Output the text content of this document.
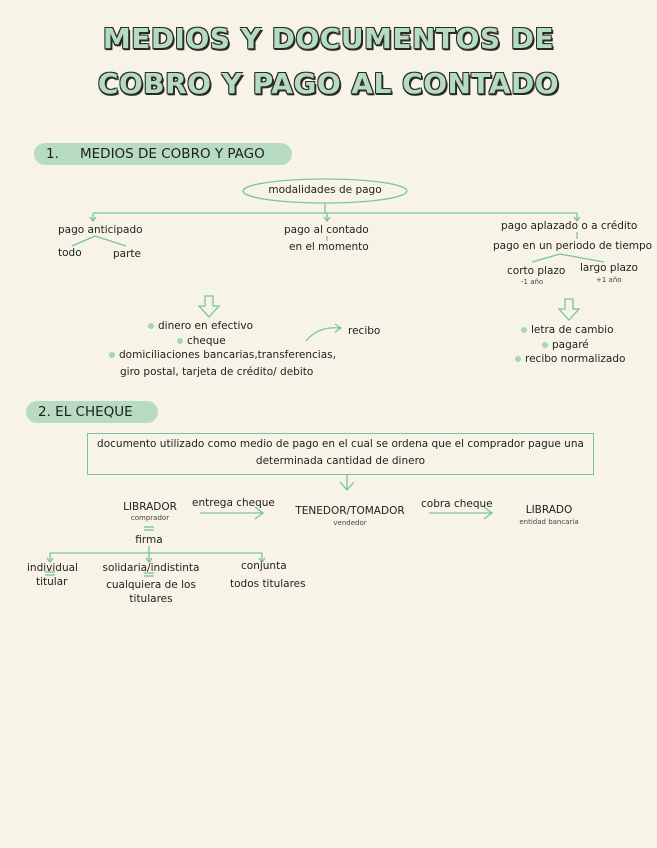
MEDIOS Y DOCUMENTOS DE
COBRO Y PAGO AL CONTADO
1. MEDIOS DE COBRO Y PAGO
modalidades de pago
pago anticipado
todo	parte
pago al contado
en el momento
pago aplazado o a crédito
pago en un periodo de tiempo
corto plazo
-1 año
largo plazo
+1 año
dinero en efectivo
cheque
domiciliaciones bancarias,transferencias,
giro postal, tarjeta de crédito/ debito
recibo	letra de cambio
pagaré
recibo normalizado
2. EL CHEQUE
documento utilizado como medio de pago en el cual se ordena que el comprador pague una
determinada cantidad de dinero
LIBRADOR
comprador
entrega cheque
TENEDOR/TOMADOR
vendedor
cobra cheque	LIBRADO
entidad bancaria
firma
individual
titular
solidaria/indistinta
cualquiera de los
titulares
conjunta
todos titulares
